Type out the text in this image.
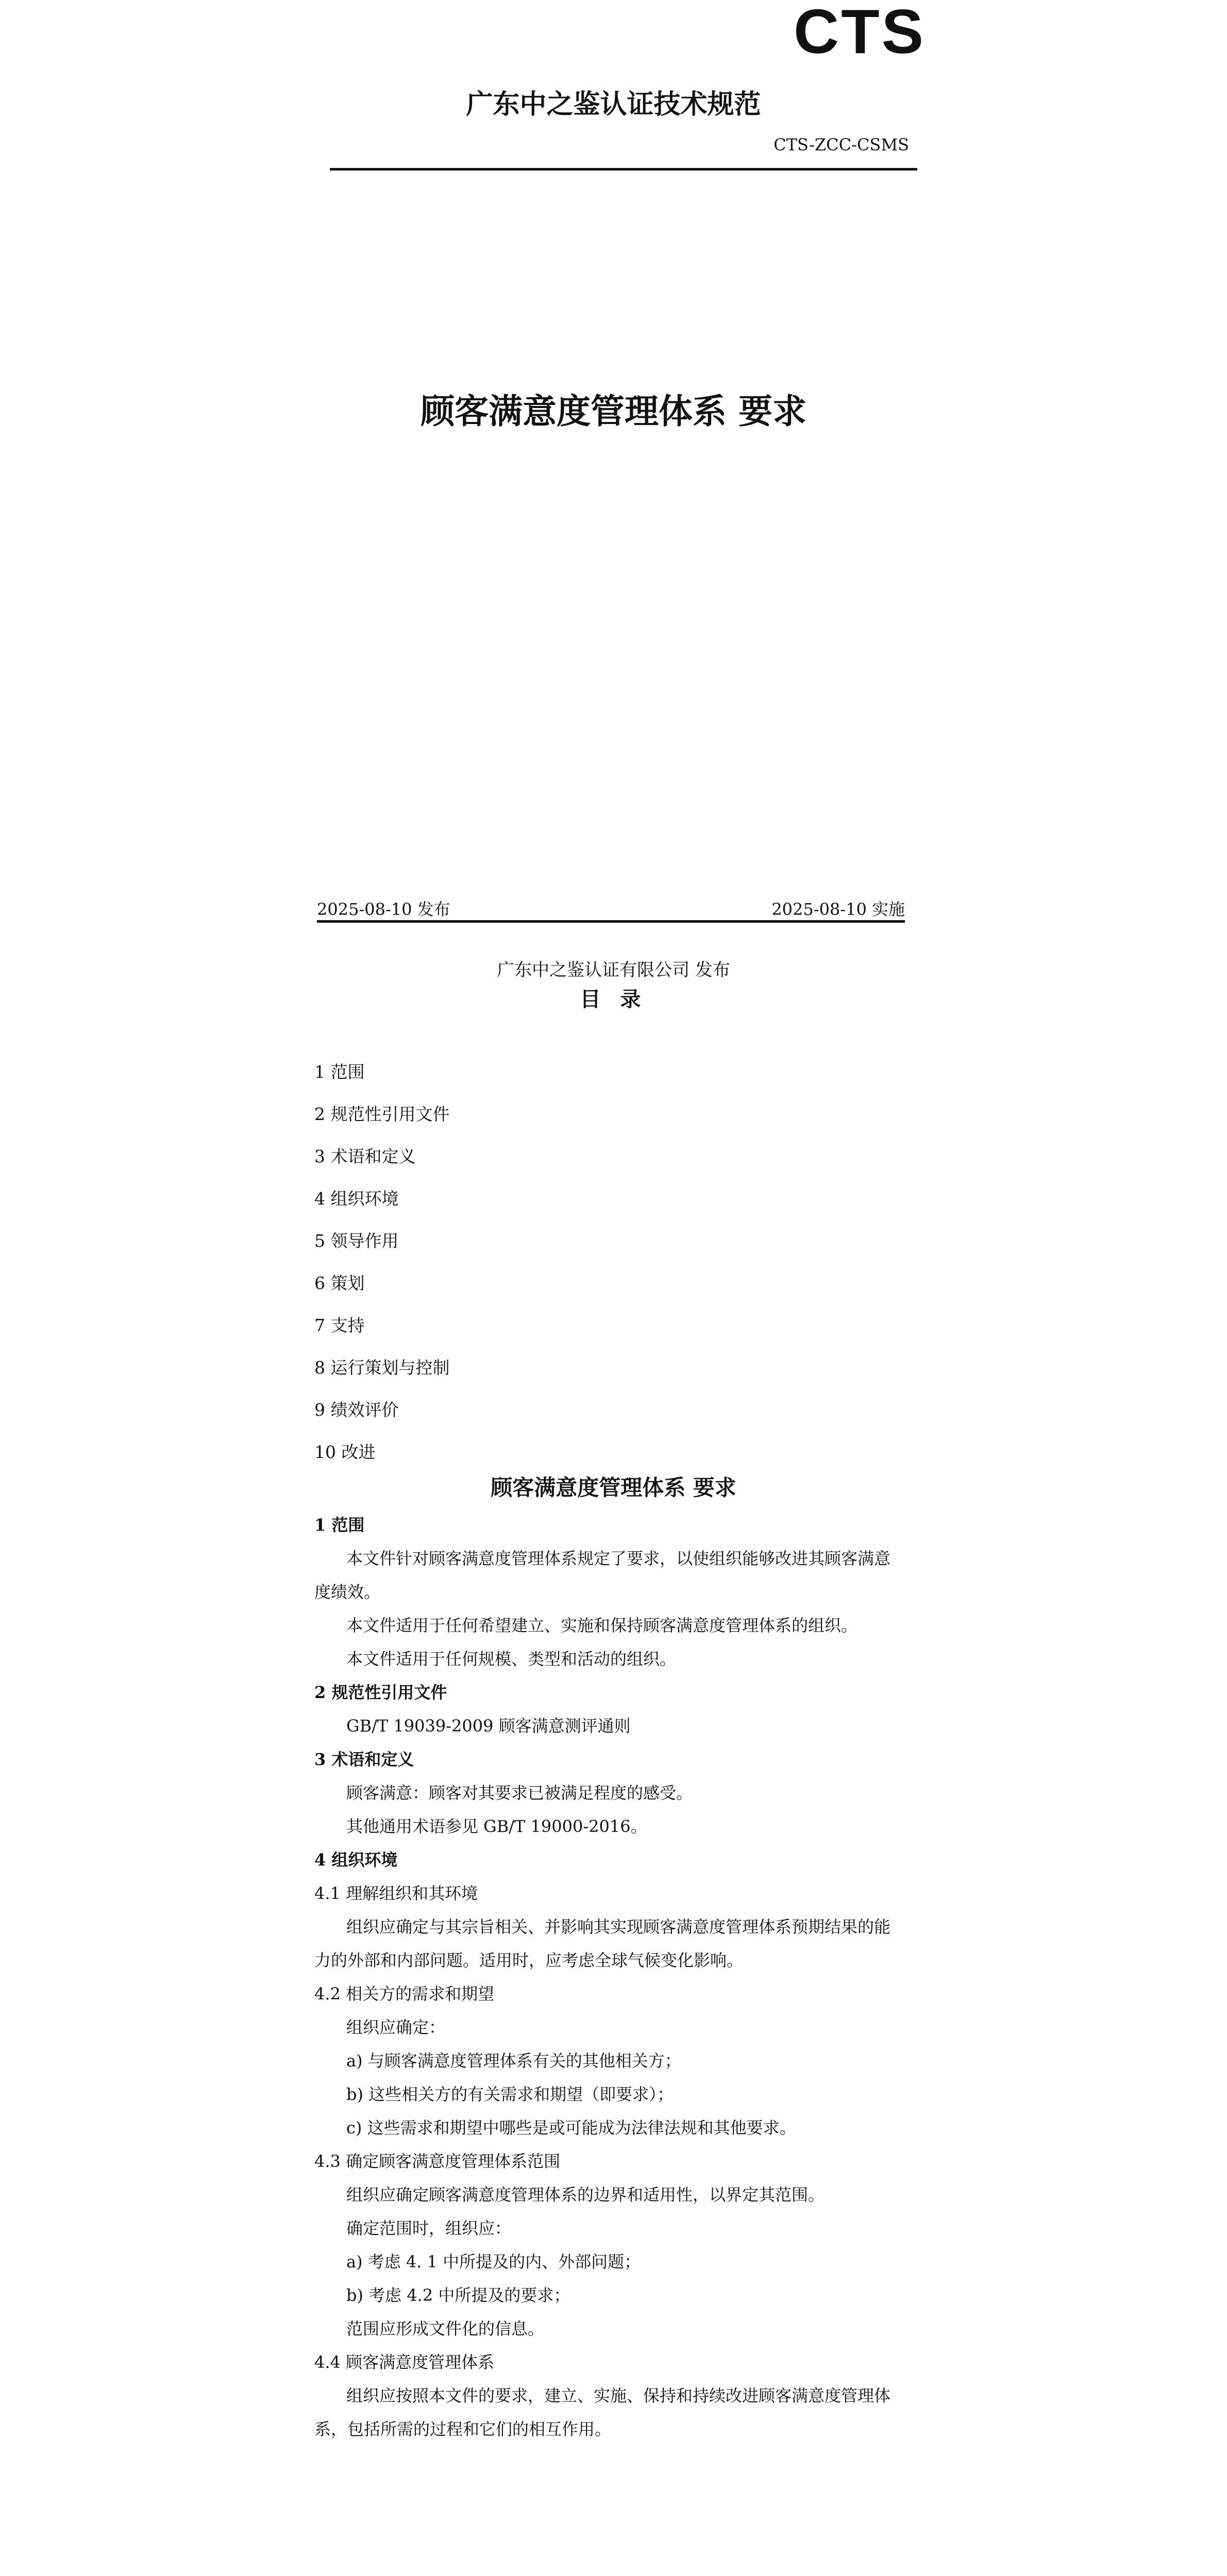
CTS
广东中之鉴认证技术规范
CTS-ZCC-CSMS
顾客满意度管理体系 要求
2025-08-10 发布	2025-08-10 实施
广东中之鉴认证有限公司 发布
目 录
1 范围
2 规范性引用文件
3 术语和定义
4 组织环境
5 领导作用
6 策划
7 支持
8 运行策划与控制
9 绩效评价
10 改进
顾客满意度管理体系 要求
1 范围
本文件针对顾客满意度管理体系规定了要求，以使组织能够改进其顾客满意
度绩效。
本文件适用于任何希望建立、实施和保持顾客满意度管理体系的组织。
本文件适用于任何规模、类型和活动的组织。
2 规范性引用文件
GB/T 19039-2009 顾客满意测评通则
3 术语和定义
顾客满意：顾客对其要求已被满足程度的感受。
其他通用术语参见 GB/T 19000-2016。
4 组织环境
4.1 理解组织和其环境
组织应确定与其宗旨相关、并影响其实现顾客满意度管理体系预期结果的能
力的外部和内部问题。适用时，应考虑全球气候变化影响。
4.2 相关方的需求和期望
组织应确定：
a) 与顾客满意度管理体系有关的其他相关方；
b) 这些相关方的有关需求和期望（即要求）；
c) 这些需求和期望中哪些是或可能成为法律法规和其他要求。
4.3 确定顾客满意度管理体系范围
组织应确定顾客满意度管理体系的边界和适用性，以界定其范围。
确定范围时，组织应：
a) 考虑 4. 1 中所提及的内、外部问题；
b) 考虑 4.2 中所提及的要求；
范围应形成文件化的信息。
4.4 顾客满意度管理体系
组织应按照本文件的要求，建立、实施、保持和持续改进顾客满意度管理体
系，包括所需的过程和它们的相互作用。
